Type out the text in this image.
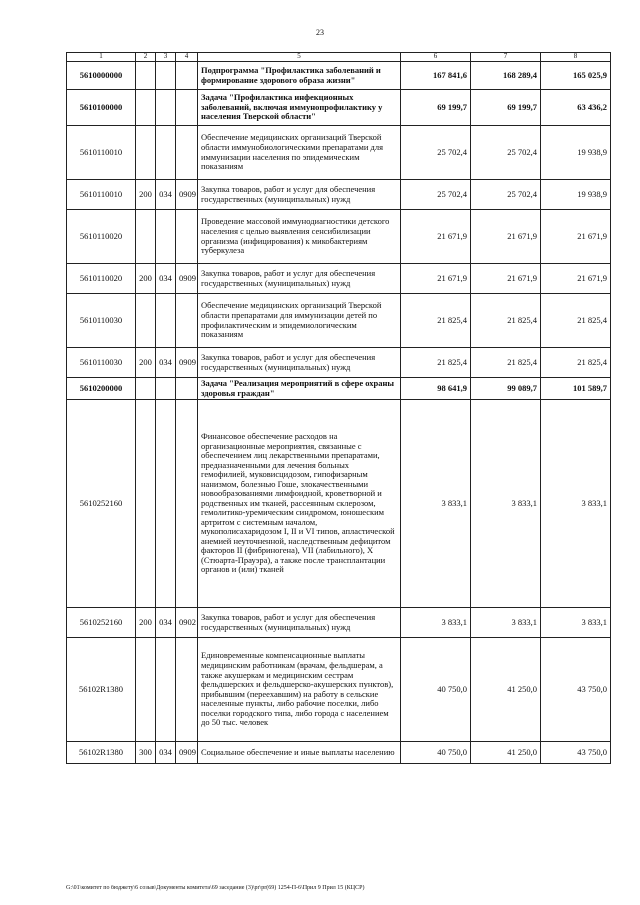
23
1	2	3	4	5	6	7	8
5610000000				Подпрограмма "Профилактика заболеваний и формирование здорового образа жизни"	167 841,6	168 289,4	165 025,9
5610100000				Задача "Профилактика инфекционных заболеваний, включая иммунопрофилактику у населения Тверской области"	69 199,7	69 199,7	63 436,2
5610110010				Обеспечение медицинских организаций Тверской области иммунобиологическими препаратами для иммунизации населения по эпидемическим показаниям	25 702,4	25 702,4	19 938,9
5610110010	200	034	0909	Закупка товаров, работ и услуг для обеспечения государственных (муниципальных) нужд	25 702,4	25 702,4	19 938,9
5610110020				Проведение массовой иммунодиагностики детского населения с целью выявления сенсибилизации организма (инфицирования) к микобактериям туберкулеза	21 671,9	21 671,9	21 671,9
5610110020	200	034	0909	Закупка товаров, работ и услуг для обеспечения государственных (муниципальных) нужд	21 671,9	21 671,9	21 671,9
5610110030				Обеспечение медицинских организаций Тверской области препаратами для иммунизации детей по профилактическим и эпидемиологическим показаниям	21 825,4	21 825,4	21 825,4
5610110030	200	034	0909	Закупка товаров, работ и услуг для обеспечения государственных (муниципальных) нужд	21 825,4	21 825,4	21 825,4
5610200000				Задача "Реализация мероприятий в сфере охраны здоровья граждан"	98 641,9	99 089,7	101 589,7
5610252160				Финансовое обеспечение расходов на организационные мероприятия, связанные с обеспечением лиц лекарственными препаратами, предназначенными для лечения больных гемофилией, муковисцидозом, гипофизарным нанизмом, болезнью Гоше, злокачественными новообразованиями лимфоидной, кроветворной и родственных им тканей, рассеянным склерозом, гемолитико-уремическим синдромом, юношеским артритом с системным началом, мукополисахаридозом I, II и VI типов, апластической анемией неуточненной, наследственным дефицитом факторов II (фибриногена), VII (лабильного), X (Стюарта-Прауэра), а также после трансплантации органов и (или) тканей	3 833,1	3 833,1	3 833,1
5610252160	200	034	0902	Закупка товаров, работ и услуг для обеспечения государственных (муниципальных) нужд	3 833,1	3 833,1	3 833,1
56102R1380				Единовременные компенсационные выплаты медицинским работникам (врачам, фельдшерам, а также акушеркам и медицинским сестрам фельдшерских и фельдшерско-акушерских пунктов), прибывшим (переехавшим) на работу в сельские населенные пункты, либо рабочие поселки, либо поселки городского типа, либо города с населением до 50 тыс. человек	40 750,0	41 250,0	43 750,0
56102R1380	300	034	0909	Социальное обеспечение и иные выплаты населению	40 750,0	41 250,0	43 750,0
G:\01\комитет по бюджету\6 созыв\Документы комитета\69 заседание (3)\pr\pr(69) 1254-П-6\Прил 9 Прил 15 (КЦСР)
